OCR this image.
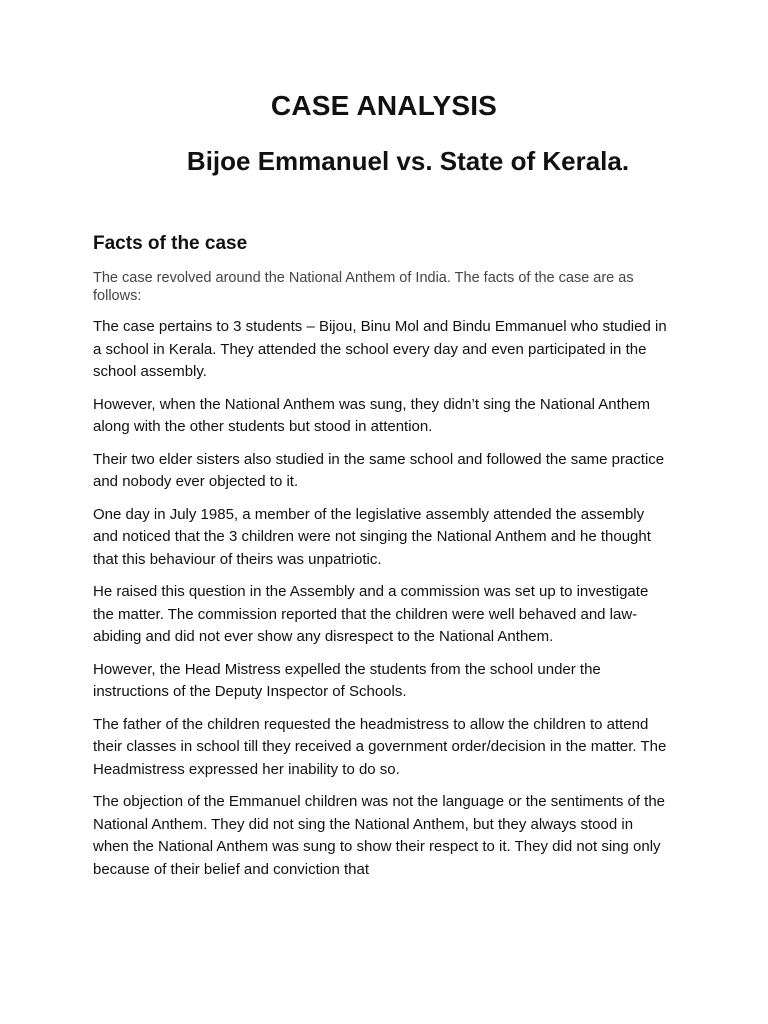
CASE ANALYSIS
Bijoe Emmanuel vs. State of Kerala.
Facts of the case

The case revolved around the National Anthem of India. The facts of the case are as follows:

The case pertains to 3 students – Bijou, Binu Mol and Bindu Emmanuel who studied in a school in Kerala. They attended the school every day and even participated in the school assembly.

However, when the National Anthem was sung, they didn’t sing the National Anthem along with the other students but stood in attention.

Their two elder sisters also studied in the same school and followed the same practice and nobody ever objected to it.

One day in July 1985, a member of the legislative assembly attended the assembly and noticed that the 3 children were not singing the National Anthem and he thought that this behaviour of theirs was unpatriotic.

He raised this question in the Assembly and a commission was set up to investigate the matter. The commission reported that the children were well behaved and law-abiding and did not ever show any disrespect to the National Anthem.

However, the Head Mistress expelled the students from the school under the instructions of the Deputy Inspector of Schools.

The father of the children requested the headmistress to allow the children to attend their classes in school till they received a government order/decision in the matter. The Headmistress expressed her inability to do so.

The objection of the Emmanuel children was not the language or the sentiments of the National Anthem. They did not sing the National Anthem, but they always stood in when the National Anthem was sung to show their respect to it. They did not sing only because of their belief and conviction that
